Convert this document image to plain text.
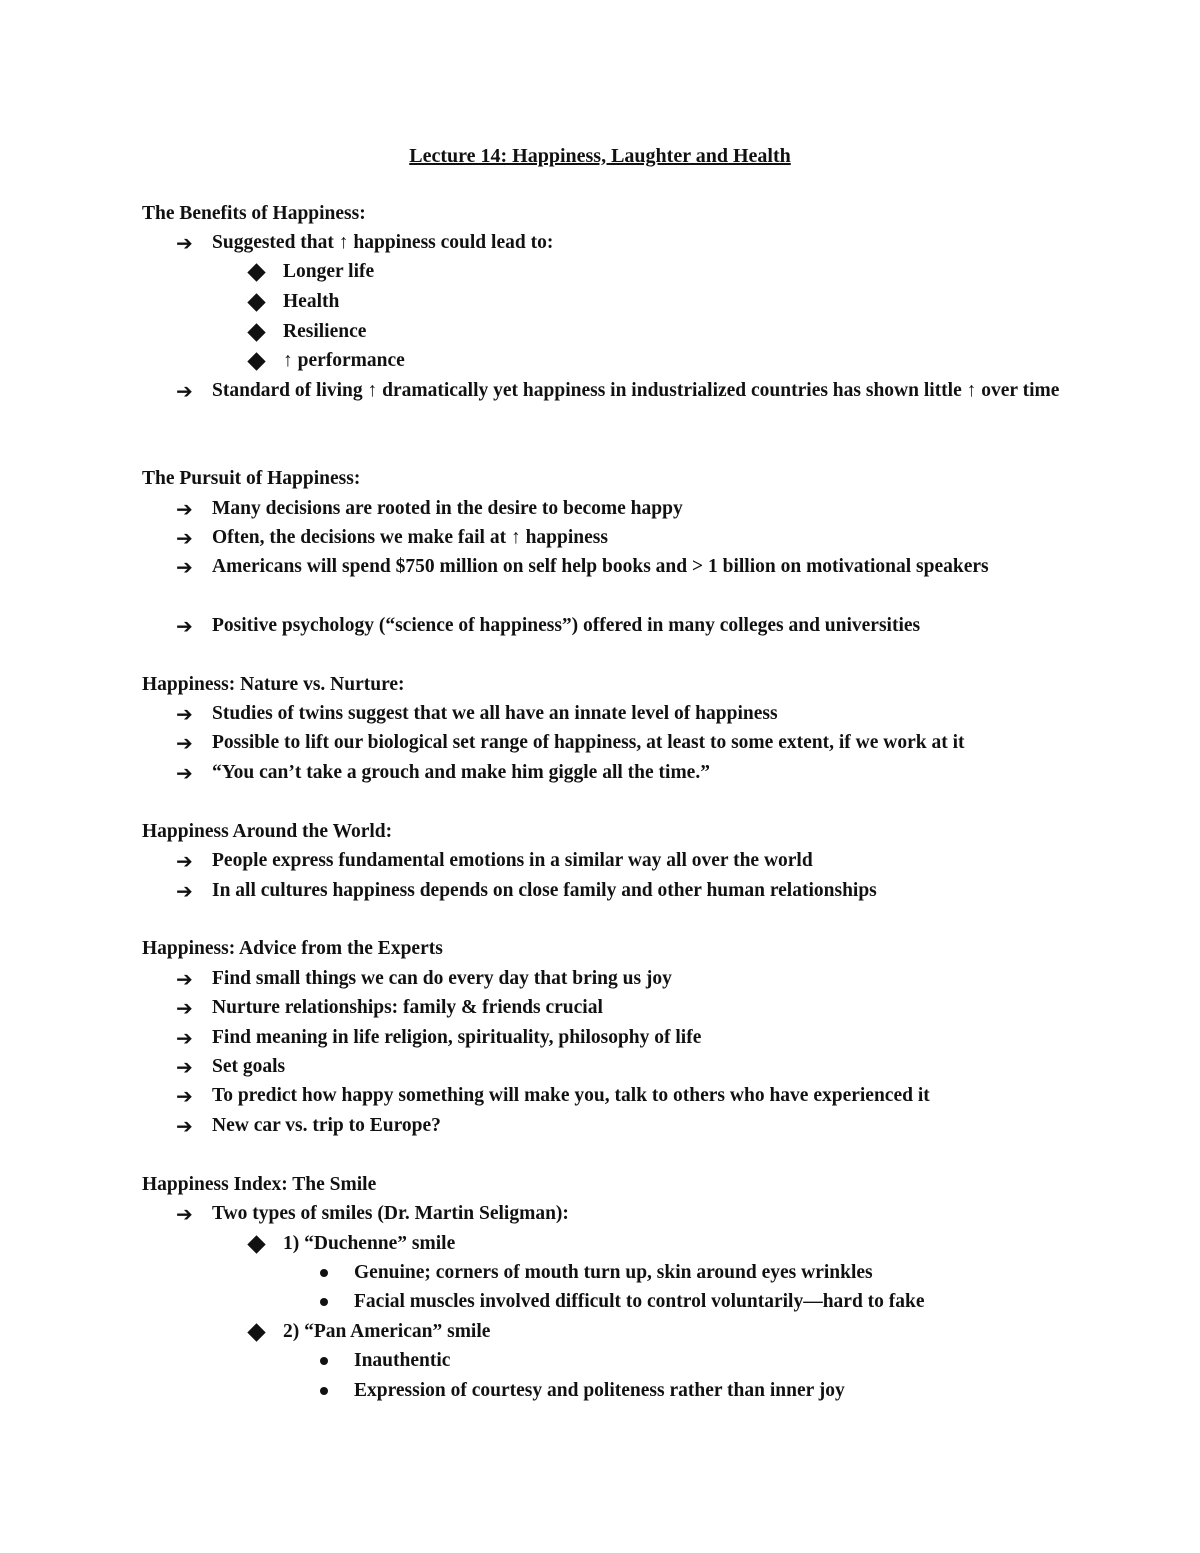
Lecture 14: Happiness, Laughter and Health
The Benefits of Happiness:
➔ Suggested that ↑ happiness could lead to:
Longer life
Health
Resilience
↑ performance
➔ Standard of living ↑ dramatically yet happiness in industrialized countries has shown little ↑ over time
The Pursuit of Happiness:
➔ Many decisions are rooted in the desire to become happy
➔ Often, the decisions we make fail at ↑ happiness
➔ Americans will spend $750 million on self help books and > 1 billion on motivational speakers
➔ Positive psychology (“science of happiness”) offered in many colleges and universities
Happiness: Nature vs. Nurture:
➔ Studies of twins suggest that we all have an innate level of happiness
➔ Possible to lift our biological set range of happiness, at least to some extent, if we work at it
➔ “You can’t take a grouch and make him giggle all the time.”
Happiness Around the World:
➔ People express fundamental emotions in a similar way all over the world
➔ In all cultures happiness depends on close family and other human relationships
Happiness: Advice from the Experts
➔ Find small things we can do every day that bring us joy
➔ Nurture relationships: family & friends crucial
➔ Find meaning in life religion, spirituality, philosophy of life
➔ Set goals
➔ To predict how happy something will make you, talk to others who have experienced it
➔ New car vs. trip to Europe?
Happiness Index: The Smile
➔ Two types of smiles (Dr. Martin Seligman):
1) “Duchenne” smile
Genuine; corners of mouth turn up, skin around eyes wrinkles
Facial muscles involved difficult to control voluntarily—hard to fake
2) “Pan American” smile
Inauthentic
Expression of courtesy and politeness rather than inner joy
